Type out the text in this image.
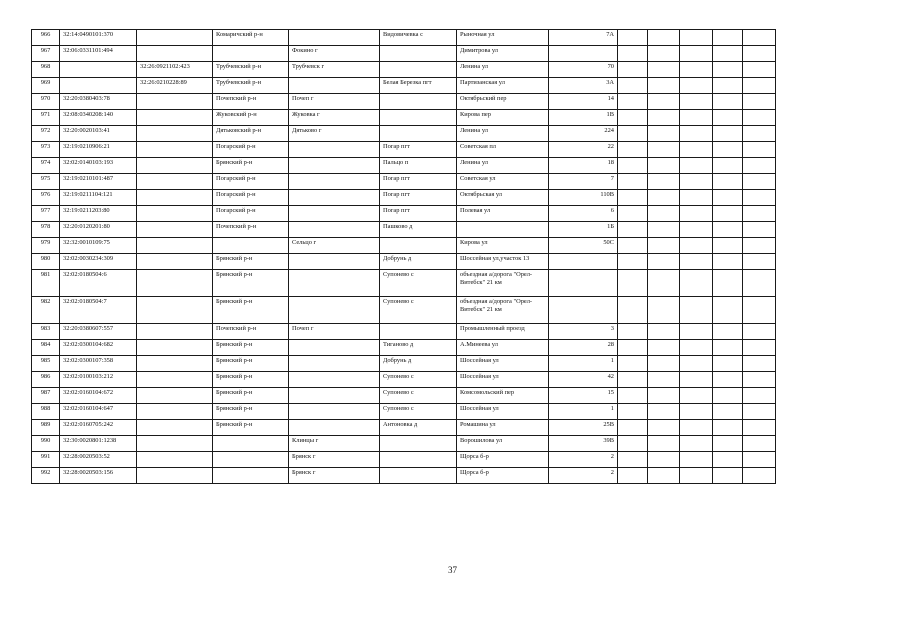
966	32:14:0490101:370		Комаричский р-н		Видовичевка с	Рыночная ул	7А					
967	32:06:0331101:494			Фокино г		Димитрова ул						
968		32:26:0921102:423	Трубчевский р-н	Трубчевск г		Ленина ул	70					
969		32:26:0210228:89	Трубчевский р-н		Белая Березка пгт	Партизанская ул	3А					
970	32:20:0380403:78		Почепский р-н	Почеп г		Октябрьский пер	14					
971	32:08:0340208:140		Жуковский р-н	Жуковка г		Кирова пер	1В					
972	32:20:0020103:41		Дятьковский р-н	Дятьково г		Ленина ул	224					
973	32:19:0210906:21		Погарский р-н		Погар пгт	Советская пл	22					
974	32:02:0140103:193		Брянский р-н		Пальцо п	Ленина ул	18					
975	32:19:0210101:487		Погарский р-н		Погар пгт	Советская ул	7					
976	32:19:0211104:121		Погарский р-н		Погар пгт	Октябрьская ул	110В					
977	32:19:0211203:80		Погарский р-н		Погар пгт	Полевая ул	6					
978	32:20:0120201:80		Почепский р-н		Пашково д		1Б					
979	32:32:0010109:75			Сельцо г		Кирова ул	50С					
980	32:02:0030234:309		Брянский р-н		Добрунь д	Шоссейная ул,участок 13						
981	32:02:0180504:6		Брянский р-н		Супонево с	объездная а/дорога "Орел-Витебск" 21 км						
982	32:02:0180504:7		Брянский р-н		Супонево с	объездная а/дорога "Орел-Витебск" 21 км						
983	32:20:0380607:557		Почепский р-н	Почеп г		Промышленный проезд	3					
984	32:02:0300104:682		Брянский р-н		Тиганово д	А.Минеева ул	28					
985	32:02:0300107:358		Брянский р-н		Добрунь д	Шоссейная ул	1					
986	32:02:0100103:212		Брянский р-н		Супонево с	Шоссейная ул	42					
987	32:02:0160104:672		Брянский р-н		Супонево с	Комсомольский пер	15					
988	32:02:0160104:647		Брянский р-н		Супонево с	Шоссейная ул	1					
989	32:02:0160705:242		Брянский р-н		Антоновка д	Ромашина ул	25В					
990	32:30:0020801:1238			Клинцы г		Ворошилова ул	39В					
991	32:28:0020503:52			Брянск г		Щорса б-р	2					
992	32:28:0020503:156			Брянск г		Щорса б-р	2					
37
